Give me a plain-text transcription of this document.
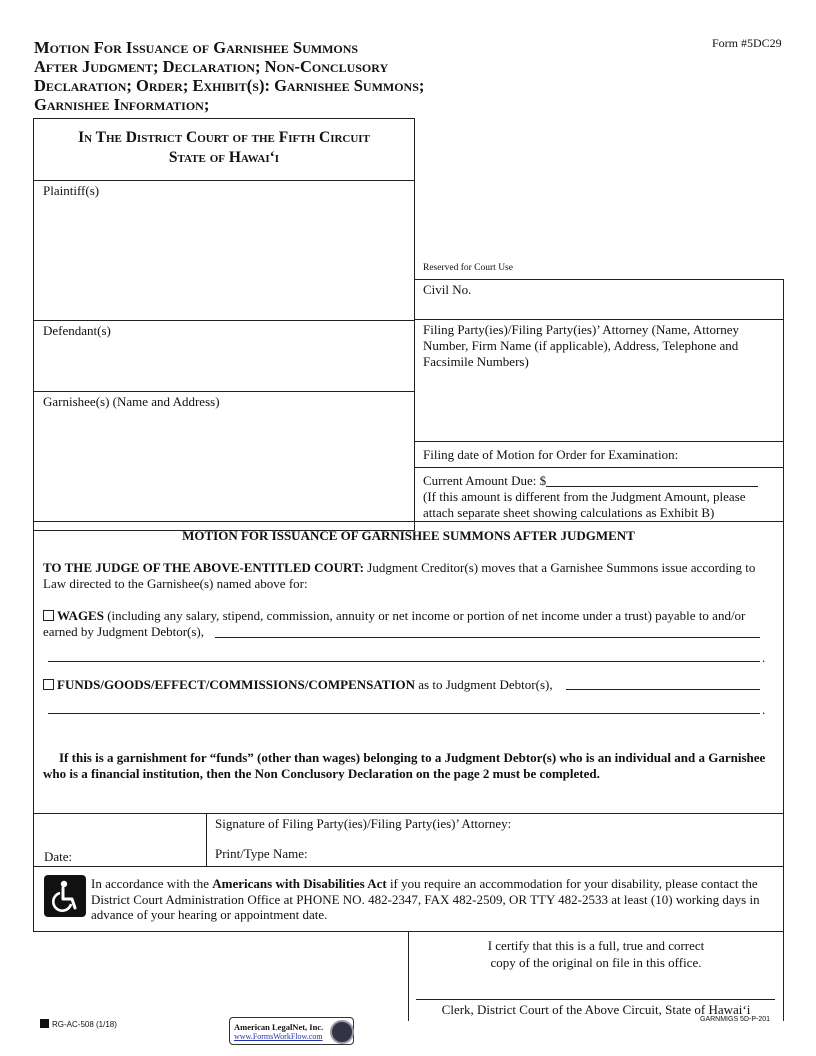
Motion For Issuance of Garnishee Summons
After Judgment; Declaration; Non-Conclusory
Declaration; Order; Exhibit(s): Garnishee Summons;
Garnishee Information;
Form #5DC29
In The District Court of the Fifth Circuit
State of Hawai‘i
Plaintiff(s)
Defendant(s)
Garnishee(s) (Name and Address)
Reserved for Court Use
Civil No.
Filing Party(ies)/Filing Party(ies)’ Attorney (Name, Attorney Number, Firm Name (if applicable), Address, Telephone and Facsimile Numbers)
Filing date of Motion for Order for Examination:
Current Amount Due: $
(If this amount is different from the Judgment Amount, please attach separate sheet showing calculations as Exhibit B)
MOTION FOR ISSUANCE OF GARNISHEE SUMMONS AFTER JUDGMENT
TO THE JUDGE OF THE ABOVE-ENTITLED COURT: Judgment Creditor(s) moves that a Garnishee Summons issue according to Law directed to the Garnishee(s) named above for:
WAGES (including any salary, stipend, commission, annuity or net income or portion of net income under a trust) payable to and/or earned by Judgment Debtor(s),
.
FUNDS/GOODS/EFFECT/COMMISSIONS/COMPENSATION as to Judgment Debtor(s),
.
If this is a garnishment for “funds” (other than wages) belonging to a Judgment Debtor(s) who is an individual and a Garnishee who is a financial institution, then the Non Conclusory Declaration on the page 2 must be completed.
Date:
Signature of Filing Party(ies)/Filing Party(ies)’ Attorney:
Print/Type Name:
In accordance with the Americans with Disabilities Act if you require an accommodation for your disability, please contact the District Court Administration Office at PHONE NO. 482-2347, FAX 482-2509, OR TTY 482-2533 at least (10) working days in advance of your hearing or appointment date.
I certify that this is a full, true and correct
copy of the original on file in this office.
Clerk, District Court of the Above Circuit, State of Hawai‘i
RG-AC-508 (1/18)
GARNMIGS 5D-P-201
American LegalNet, Inc.
www.FormsWorkFlow.com
